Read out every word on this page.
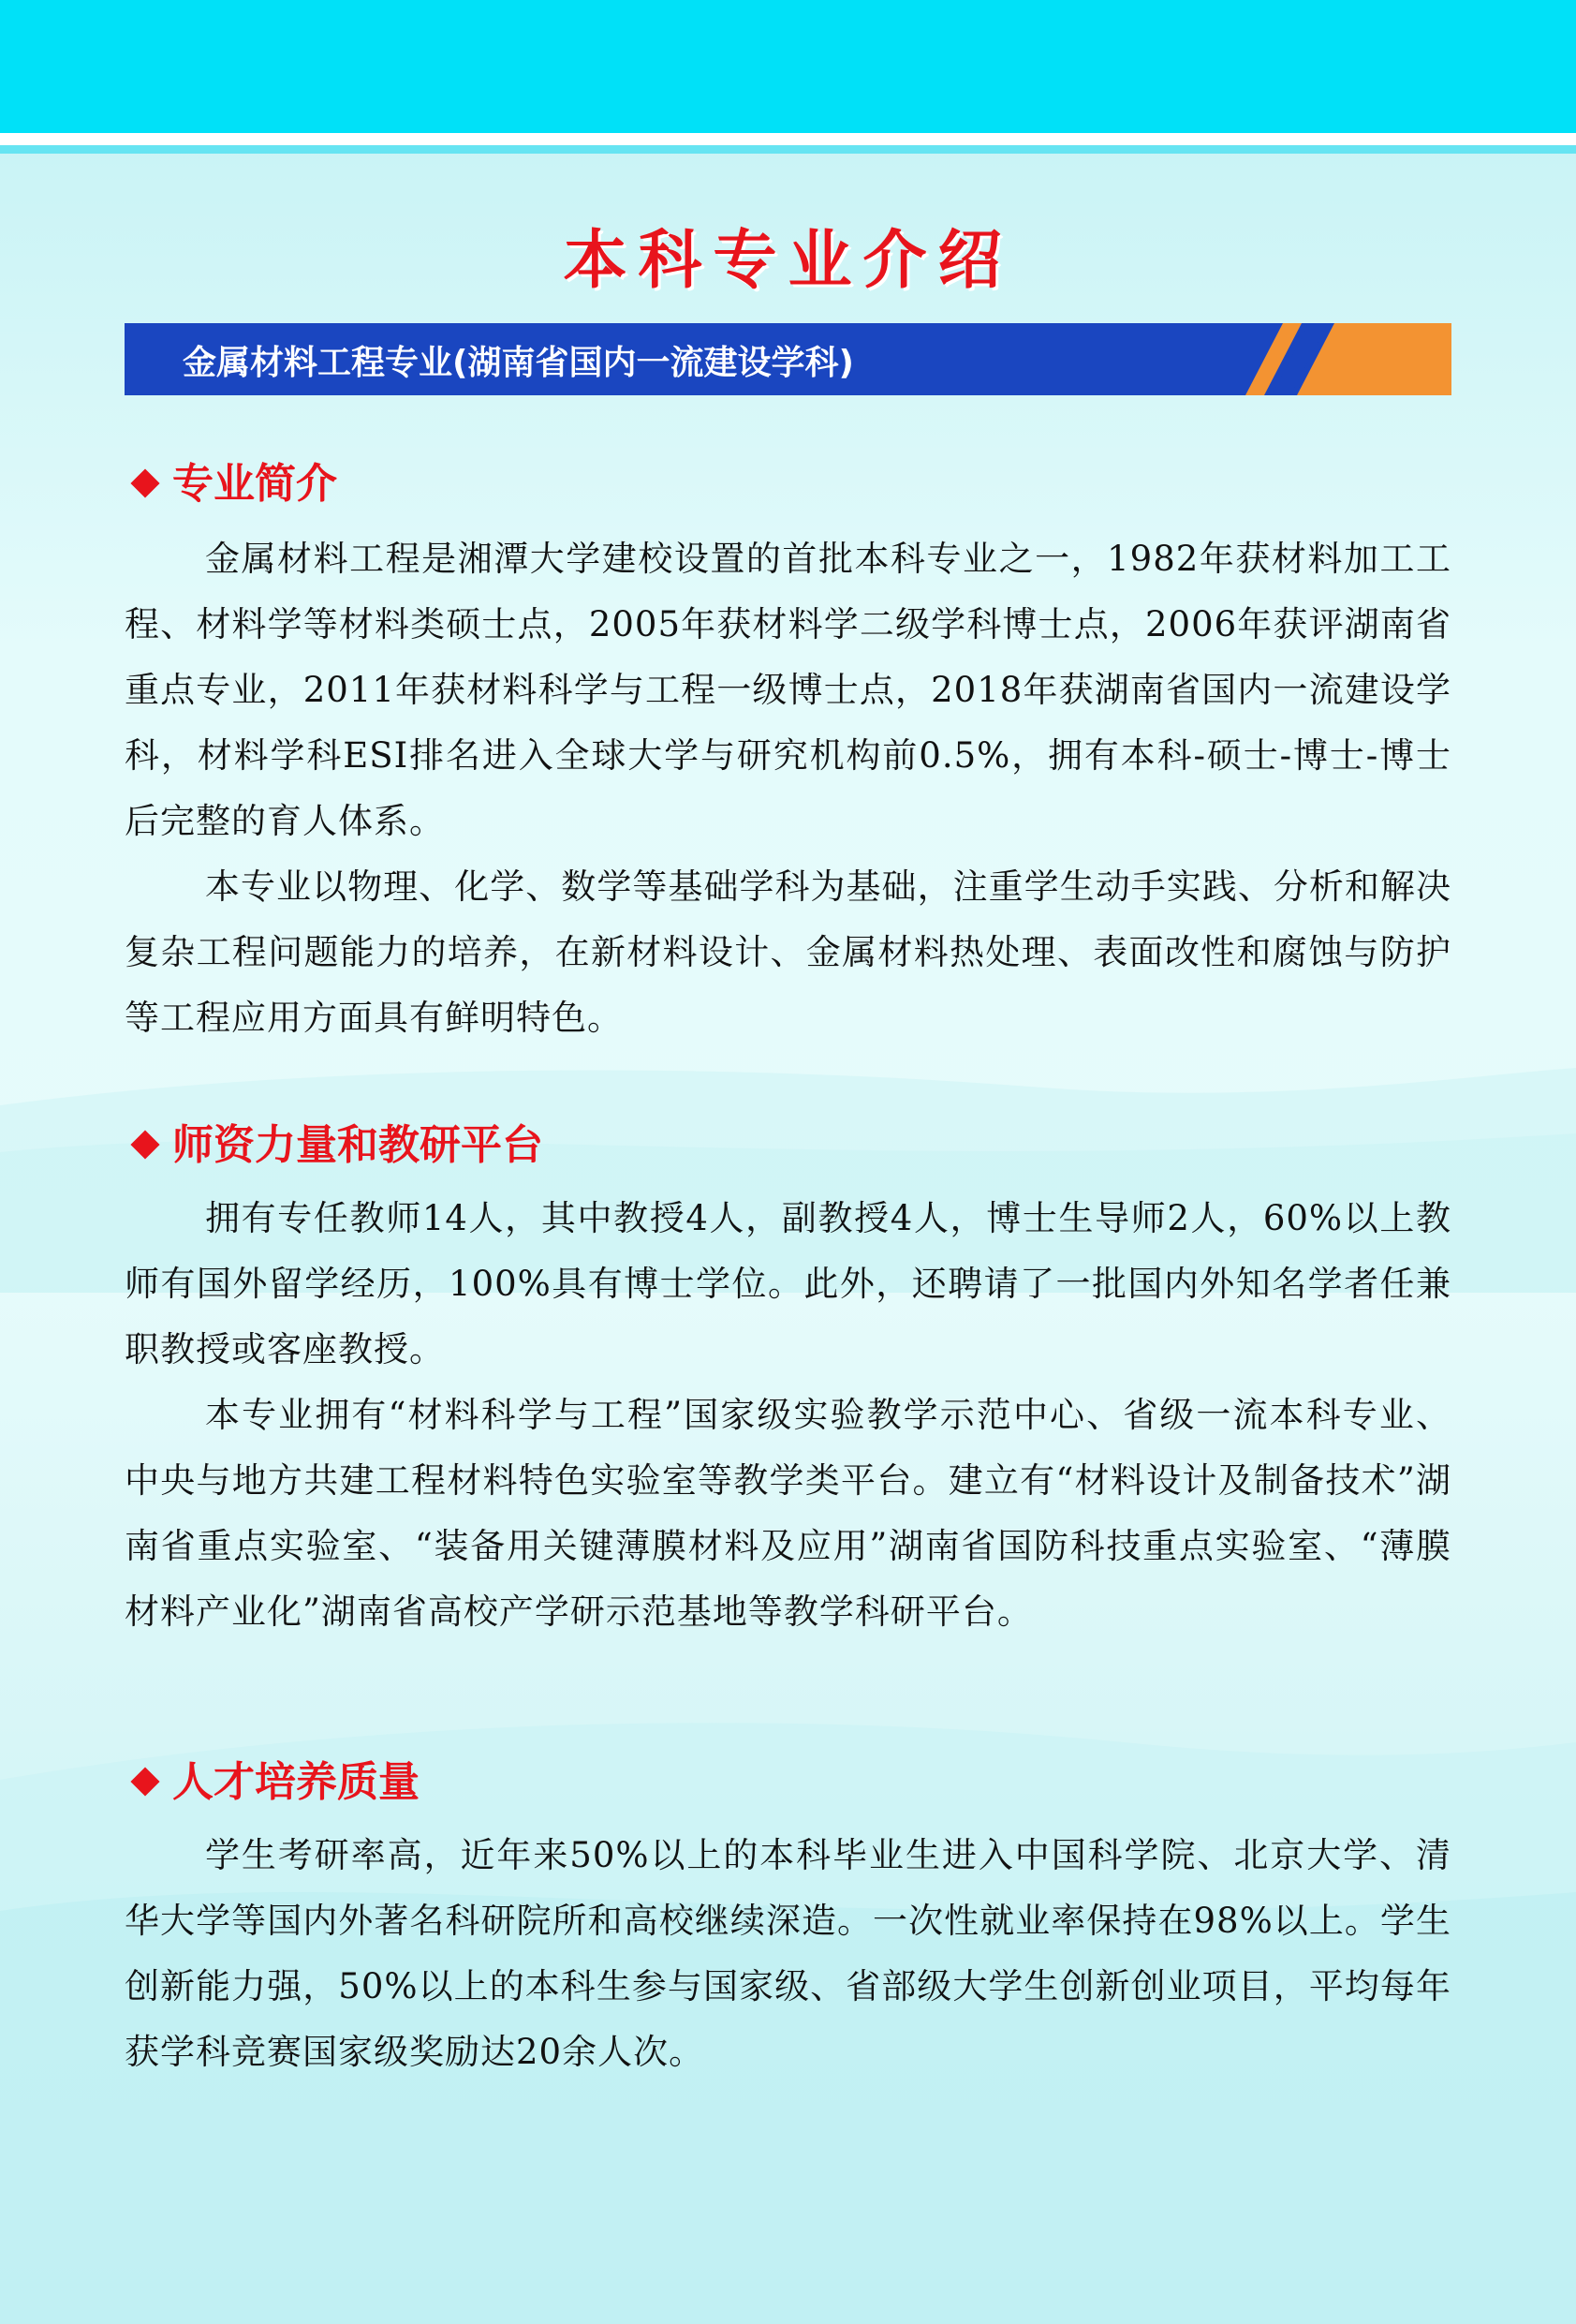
本科专业介绍
金属材料工程专业(湖南省国内一流建设学科)
专业简介
金属材料工程是湘潭大学建校设置的首批本科专业之一，1982年获材料加工工程、材料学等材料类硕士点，2005年获材料学二级学科博士点，2006年获评湖南省重点专业，2011年获材料科学与工程一级博士点，2018年获湖南省国内一流建设学科，材料学科ESI排名进入全球大学与研究机构前0.5%，拥有本科-硕士-博士-博士后完整的育人体系。
本专业以物理、化学、数学等基础学科为基础，注重学生动手实践、分析和解决复杂工程问题能力的培养，在新材料设计、金属材料热处理、表面改性和腐蚀与防护等工程应用方面具有鲜明特色。
师资力量和教研平台
拥有专任教师14人，其中教授4人，副教授4人，博士生导师2人，60%以上教师有国外留学经历，100%具有博士学位。此外，还聘请了一批国内外知名学者任兼职教授或客座教授。
本专业拥有“材料科学与工程”国家级实验教学示范中心、省级一流本科专业、中央与地方共建工程材料特色实验室等教学类平台。建立有“材料设计及制备技术”湖南省重点实验室、“装备用关键薄膜材料及应用”湖南省国防科技重点实验室、“薄膜材料产业化”湖南省高校产学研示范基地等教学科研平台。
人才培养质量
学生考研率高，近年来50%以上的本科毕业生进入中国科学院、北京大学、清华大学等国内外著名科研院所和高校继续深造。一次性就业率保持在98%以上。学生创新能力强，50%以上的本科生参与国家级、省部级大学生创新创业项目，平均每年获学科竞赛国家级奖励达20余人次。
